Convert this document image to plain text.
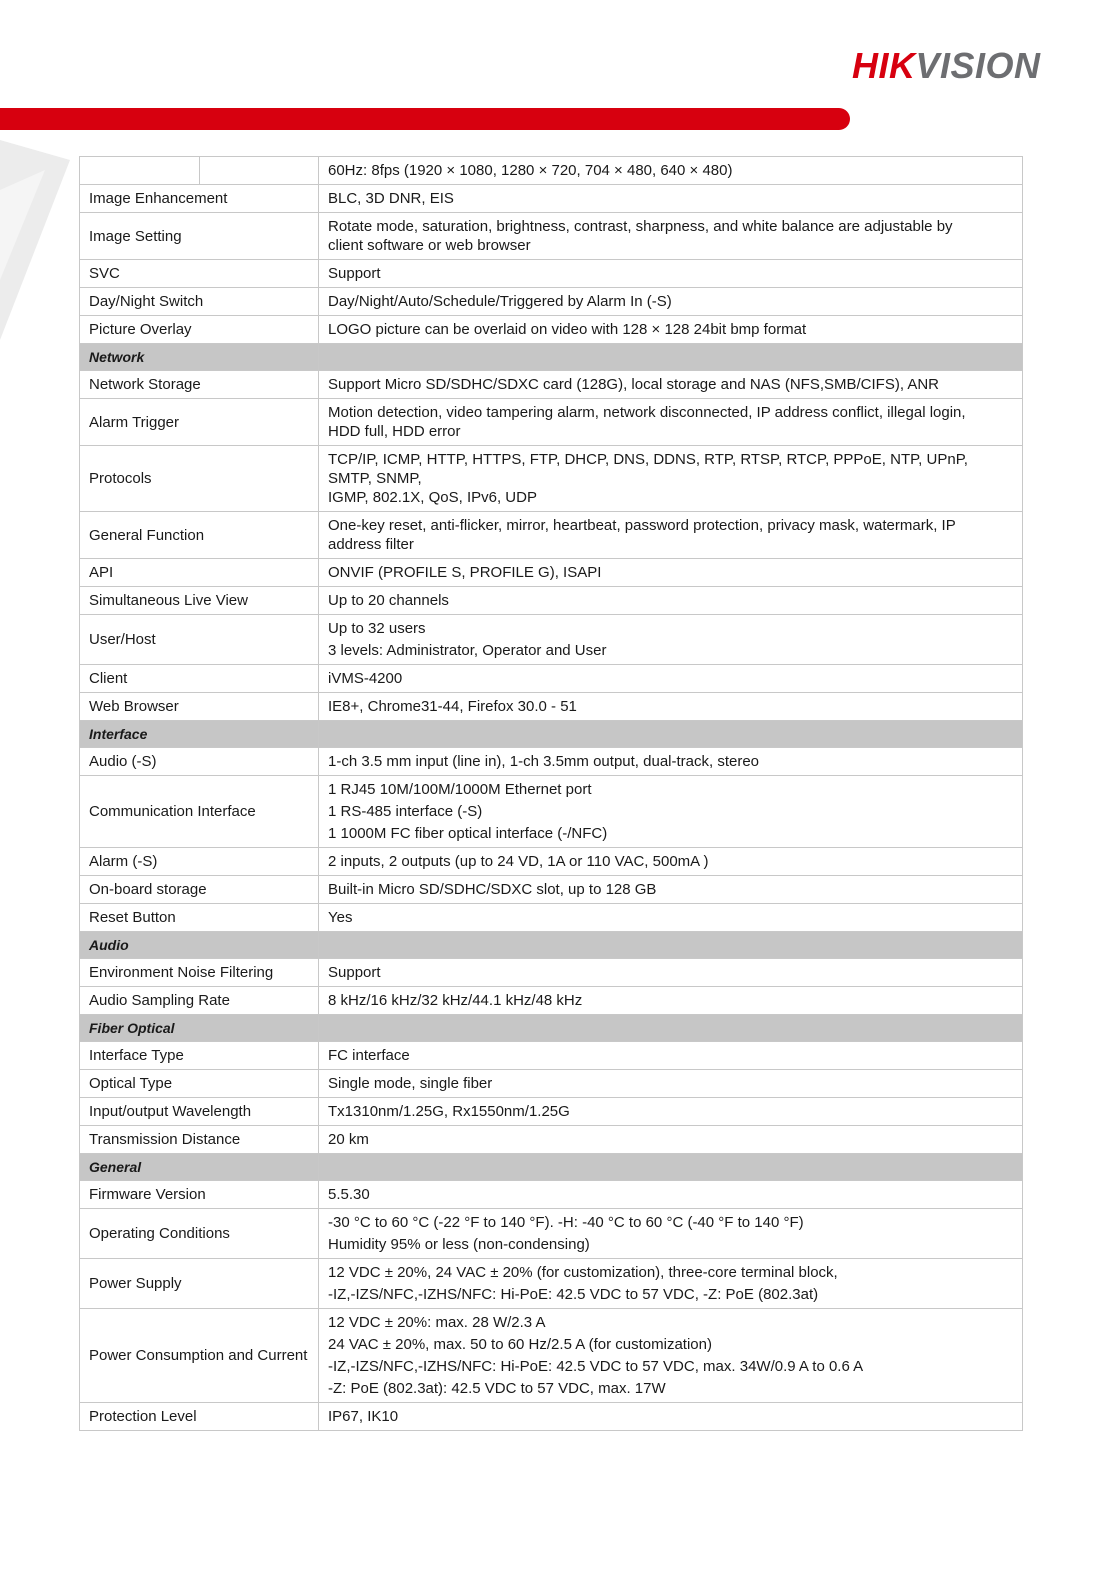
HIKVISION

	60Hz: 8fps (1920 × 1080, 1280 × 720, 704 × 480, 640 × 480)

Image Enhancement	BLC, 3D DNR, EIS

Image Setting	Rotate mode, saturation, brightness, contrast, sharpness, and white balance are adjustable by
client software or web browser

SVC	Support

Day/Night Switch	Day/Night/Auto/Schedule/Triggered by Alarm In (-S)

Picture Overlay	LOGO picture can be overlaid on video with 128 × 128 24bit bmp format

Network	
Network Storage	Support Micro SD/SDHC/SDXC card (128G), local storage and NAS (NFS,SMB/CIFS), ANR

Alarm Trigger	Motion detection, video tampering alarm, network disconnected, IP address conflict, illegal login,
HDD full, HDD error

Protocols	TCP/IP, ICMP, HTTP, HTTPS, FTP, DHCP, DNS, DDNS, RTP, RTSP, RTCP, PPPoE, NTP, UPnP, SMTP, SNMP,
IGMP, 802.1X, QoS, IPv6, UDP

General Function	One-key reset, anti-flicker, mirror, heartbeat, password protection, privacy mask, watermark, IP
address filter

API	ONVIF (PROFILE S, PROFILE G), ISAPI

Simultaneous Live View	Up to 20 channels

User/Host	Up to 32 users
3 levels: Administrator, Operator and User

Client	iVMS-4200

Web Browser	IE8+, Chrome31-44, Firefox 30.0 - 51

Interface	
Audio (-S)	1-ch 3.5 mm input (line in), 1-ch 3.5mm output, dual-track, stereo

Communication Interface	1 RJ45 10M/100M/1000M Ethernet port
1 RS-485 interface (-S)
1 1000M FC fiber optical interface (-/NFC)

Alarm (-S)	2 inputs, 2 outputs (up to 24 VD, 1A or 110 VAC, 500mA )

On-board storage	Built-in Micro SD/SDHC/SDXC slot, up to 128 GB

Reset Button	Yes

Audio	
Environment Noise Filtering	Support

Audio Sampling Rate	8 kHz/16 kHz/32 kHz/44.1 kHz/48 kHz

Fiber Optical	
Interface Type	FC interface

Optical Type	Single mode, single fiber

Input/output Wavelength	Tx1310nm/1.25G, Rx1550nm/1.25G

Transmission Distance	20 km

General	
Firmware Version	5.5.30

Operating Conditions	-30 °C to 60 °C (-22 °F to 140 °F). -H: -40 °C to 60 °C (-40 °F to 140 °F)
Humidity 95% or less (non-condensing)

Power Supply	12 VDC ± 20%, 24 VAC ± 20% (for customization), three-core terminal block,
-IZ,-IZS/NFC,-IZHS/NFC: Hi-PoE: 42.5 VDC to 57 VDC, -Z: PoE (802.3at)

Power Consumption and Current	12 VDC ± 20%: max. 28 W/2.3 A
24 VAC ± 20%, max. 50 to 60 Hz/2.5 A (for customization)
-IZ,-IZS/NFC,-IZHS/NFC: Hi-PoE: 42.5 VDC to 57 VDC, max. 34W/0.9 A to 0.6 A
-Z: PoE (802.3at): 42.5 VDC to 57 VDC, max. 17W

Protection Level	IP67, IK10
